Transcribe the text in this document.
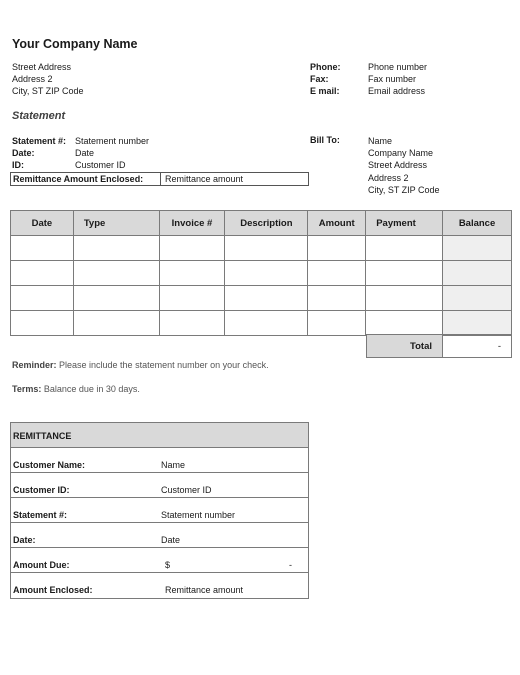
Your Company Name
Street Address
Address 2
City, ST ZIP Code
Phone:	Phone number
Fax:	Fax number
E mail:	Email address
Statement
Statement #: Statement number
Date:	Date
ID:	Customer ID
Remittance Amount Enclosed:	Remittance amount
Bill To:	Name
Company Name
Street Address
Address 2
City, ST ZIP Code
Date	Type	Invoice #	Description	Amount	Payment	Balance

Total	-
Reminder: Please include the statement number on your check.
Terms: Balance due in 30 days.
REMITTANCE
Customer Name:	Name
Customer ID:	Customer ID
Statement #:	Statement number
Date:	Date
Amount Due:	$	-
Amount Enclosed:	Remittance amount
